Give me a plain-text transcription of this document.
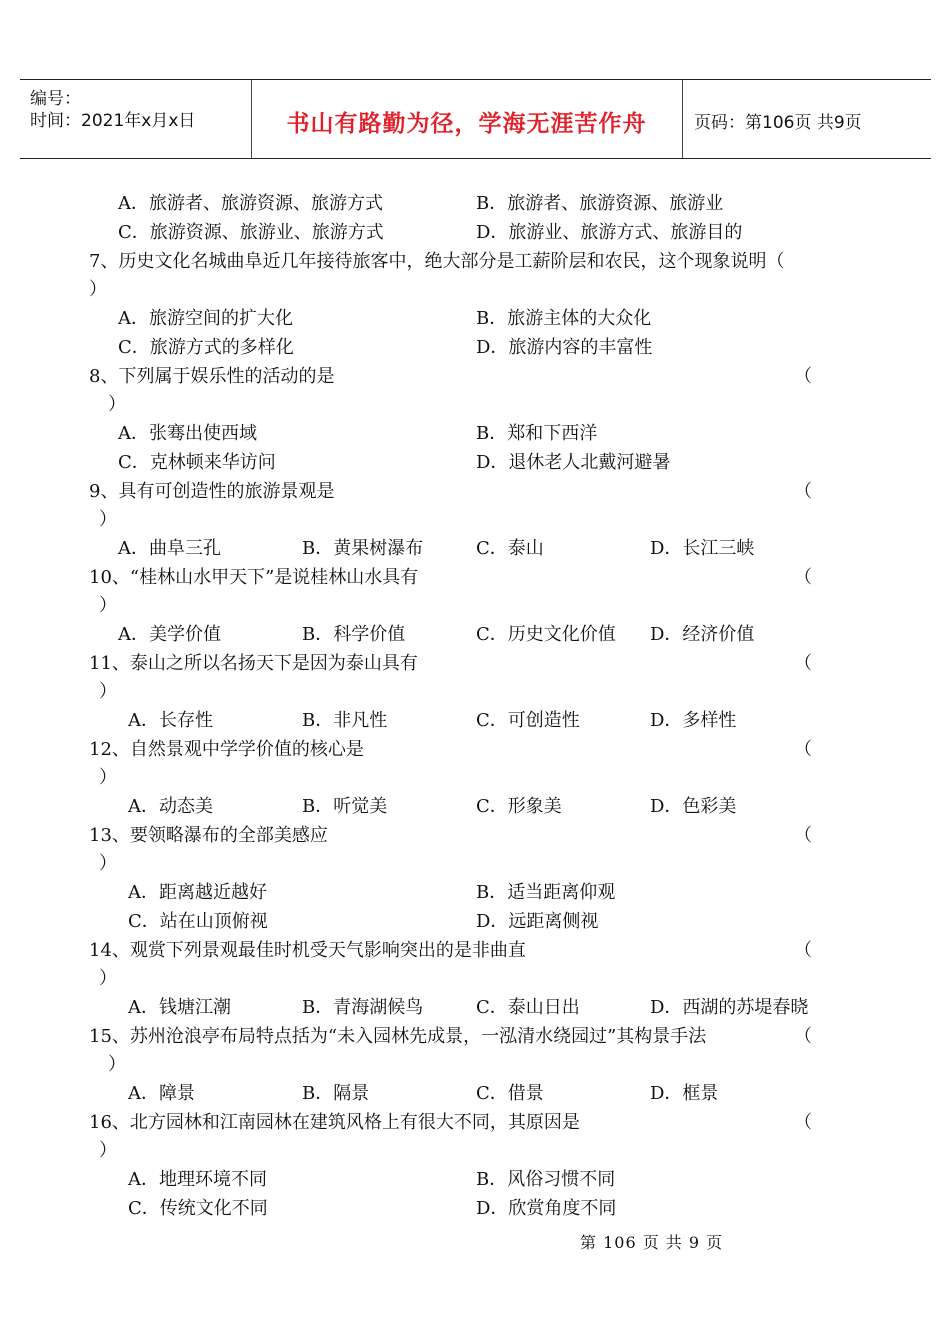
编号：
时间：2021年x月x日	书山有路勤为径，学海无涯苦作舟	页码：第106页 共9页
A．旅游者、旅游资源、旅游方式	B．旅游者、旅游资源、旅游业
C．旅游资源、旅游业、旅游方式	D．旅游业、旅游方式、旅游目的
7、历史文化名城曲阜近几年接待旅客中，绝大部分是工薪阶层和农民，这个现象说明（
）
A．旅游空间的扩大化	B．旅游主体的大众化
C．旅游方式的多样化	D．旅游内容的丰富性
8、下列属于娱乐性的活动的是	（
）
A．张骞出使西域	B．郑和下西洋
C．克林顿来华访问	D．退休老人北戴河避暑
9、具有可创造性的旅游景观是	（
）
A．曲阜三孔	B．黄果树瀑布	C．泰山	D．长江三峡
10、“桂林山水甲天下”是说桂林山水具有	（
）
A．美学价值	B．科学价值	C．历史文化价值 D．经济价值
11、泰山之所以名扬天下是因为泰山具有	（
）
A．长存性	B．非凡性	C．可创造性	D．多样性
12、自然景观中学学价值的核心是	（
）
A．动态美	B．听觉美	C．形象美	D．色彩美
13、要领略瀑布的全部美感应	（
）
A．距离越近越好	B．适当距离仰观
C．站在山顶俯视	D．远距离侧视
14、观赏下列景观最佳时机受天气影响突出的是非曲直	（
）
A．钱塘江潮	B．青海湖候鸟	C．泰山日出	D．西湖的苏堤春晓
15、苏州沧浪亭布局特点括为“未入园林先成景，一泓清水绕园过”其构景手法	（
）
A．障景	B．隔景	C．借景	D．框景
16、北方园林和江南园林在建筑风格上有很大不同，其原因是	（
）
A．地理环境不同	B．风俗习惯不同
C．传统文化不同	D．欣赏角度不同
第 106 页 共 9 页
